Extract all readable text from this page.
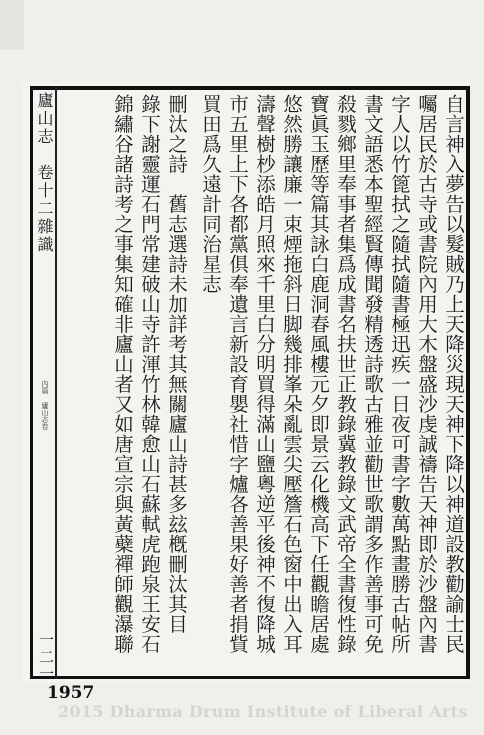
自言神入夢告以髮賊乃上天降災現天神下降以神道設教勸諭士民
囑居民於古寺或書院內用大木盤盛沙虔誠禱告天神即於沙盤內書
字人以竹篦拭之隨拭隨書極迅疾一日夜可書字數萬點畫勝古帖所
書文語悉本聖經賢傳聞發精透詩歌古雅並勸世歌謂多作善事可免
殺戮鄉里奉事者集爲成書名扶世正教錄冀教錄文武帝全書復性錄
寶眞玉歷等篇其詠白鹿洞春風樓元夕即景云化機高下任觀瞻居處
悠然勝讓廉一束煙拖斜日脚幾排峯朵亂雲尖壓簷石色窗中出入耳
濤聲樹杪添皓月照來千里白分明買得滿山鹽粵逆平後神不復降城
市五里上下各都黨俱奉遺言新設育嬰社惜字爐各善果好善者捐貲
買田爲久遠計同治星志
刪汰之詩　舊志選詩未加詳考其無關廬山詩甚多玆槪刪汰其目
錄下謝靈運石門常建破山寺許渾竹林韓愈山石蘇軾虎跑泉王安石
錦繡谷諸詩考之事集知確非廬山者又如唐宣宗與黃蘗禪師觀瀑聯
廬山志　卷十二雜識
內篇 廬山志卷
一二一
1957
2015 Dharma Drum Institute of Liberal Arts
